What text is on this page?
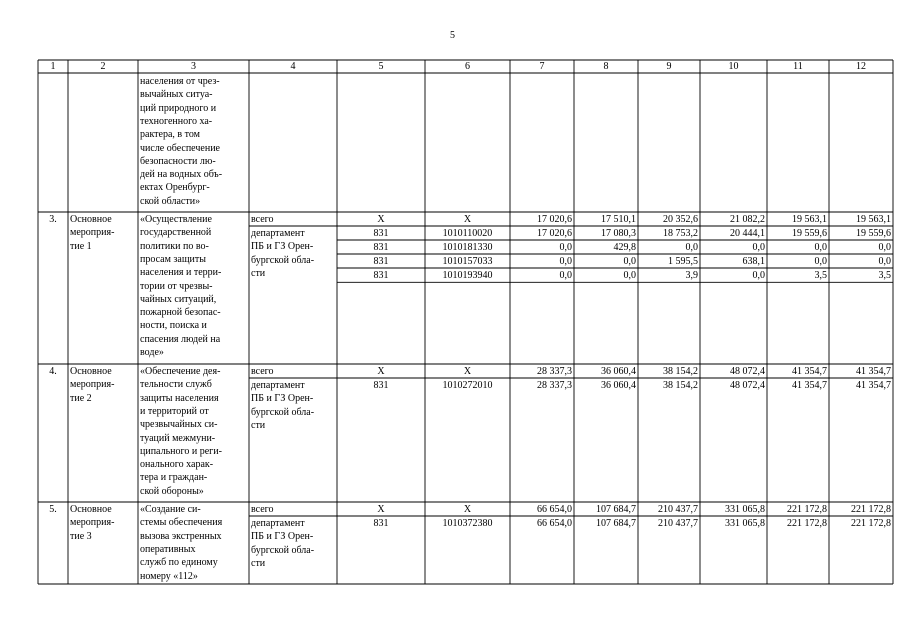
5
1	2	3	4	5	6	7	8	9	10	11	12
населения от чрез-
вычайных ситуа-
ций природного и
техногенного ха-
рактера, в том
числе обеспечение
безопасности лю-
дей на водных объ-
ектах Оренбург-
ской области»
3.	Основное
мероприя-
тие 1
«Осуществление
государственной
политики по во-
просам защиты
населения и терри-
тории от чрезвы-
чайных ситуаций,
пожарной безопас-
ности, поиска и
спасения людей на
воде»
всего	Х	Х	17 020,6	17 510,1	20 352,6	21 082,2	19 563,1	19 563,1
департамент
ПБ и ГЗ Орен-
бургской обла-
сти
831	1010110020	17 020,6	17 080,3	18 753,2	20 444,1	19 559,6	19 559,6
831	1010181330	0,0	429,8	0,0	0,0	0,0	0,0
831	1010157033	0,0	0,0	1 595,5	638,1	0,0	0,0
831	1010193940	0,0	0,0	3,9	0,0	3,5	3,5
4.	Основное
мероприя-
тие 2
«Обеспечение дея-
тельности служб
защиты населения
и территорий от
чрезвычайных си-
туаций межмуни-
ципального и реги-
онального харак-
тера и граждан-
ской обороны»
всего	Х	Х	28 337,3	36 060,4	38 154,2	48 072,4	41 354,7	41 354,7
департамент
ПБ и ГЗ Орен-
бургской обла-
сти
831	1010272010	28 337,3	36 060,4	38 154,2	48 072,4	41 354,7	41 354,7
5.	Основное
мероприя-
тие 3
«Создание си-
стемы обеспечения
вызова экстренных
оперативных
служб по единому
номеру «112»
всего	Х	Х	66 654,0	107 684,7	210 437,7	331 065,8	221 172,8	221 172,8
департамент
ПБ и ГЗ Орен-
бургской обла-
сти
831	1010372380	66 654,0	107 684,7	210 437,7	331 065,8	221 172,8	221 172,8
